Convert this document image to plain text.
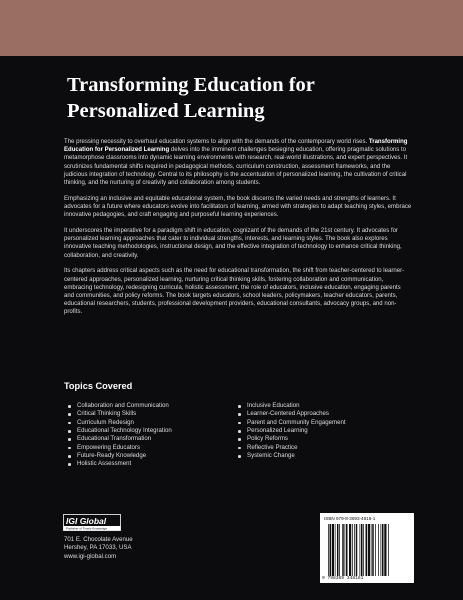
Transforming Education for
Personalized Learning

The pressing necessity to overhaul education systems to align with the demands of the contemporary world rises. Transforming Education for Personalized Learning delves into the imminent challenges besieging education, offering pragmatic solutions to metamorphose classrooms into dynamic learning environments with research, real-world illustrations, and expert perspectives. It scrutinizes fundamental shifts required in pedagogical methods, curriculum construction, assessment frameworks, and the judicious integration of technology. Central to its philosophy is the accentuation of personalized learning, the cultivation of critical thinking, and the nurturing of creativity and collaboration among students.

Emphasizing an inclusive and equitable educational system, the book discerns the varied needs and strengths of learners. It advocates for a future where educators evolve into facilitators of learning, armed with strategies to adapt teaching styles, embrace innovative pedagogies, and craft engaging and purposeful learning experiences.

It underscores the imperative for a paradigm shift in education, cognizant of the demands of the 21st century. It advocates for personalized learning approaches that cater to individual strengths, interests, and learning styles. The book also explores innovative teaching methodologies, instructional design, and the effective integration of technology to enhance critical thinking, collaboration, and creativity.

Its chapters address critical aspects such as the need for educational transformation, the shift from teacher-centered to learner-centered approaches, personalized learning, nurturing critical thinking skills, fostering collaboration and communication, embracing technology, redesigning curricula, holistic assessment, the role of educators, inclusive education, engaging parents and communities, and policy reforms. The book targets educators, school leaders, policymakers, teacher educators, parents, educational researchers, students, professional development providers, educational consultants, advocacy groups, and non-profits.

Topics Covered
Collaboration and Communication
Critical Thinking Skills
Curriculum Redesign
Educational Technology Integration
Educational Transformation
Empowering Educators
Future-Ready Knowledge
Holistic Assessment
Inclusive Education
Learner-Centered Approaches
Parent and Community Engagement
Personalized Learning
Policy Reforms
Reflective Practice
Systemic Change
IGI Global
Publisher of Timely Knowledge
701 E. Chocolate Avenue
Hershey, PA 17033, USA
www.igi-global.com
ISBN 979-8-3693-4816-1
9 798369 348161
